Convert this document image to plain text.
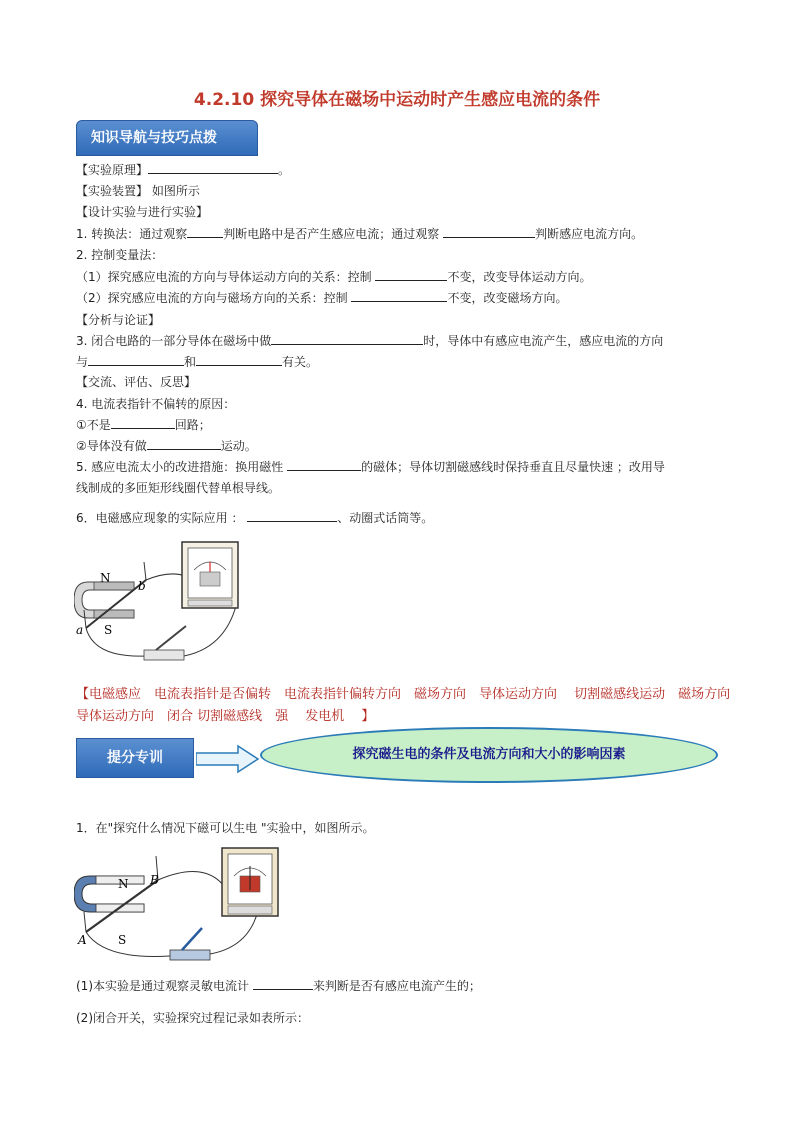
4.2.10 探究导体在磁场中运动时产生感应电流的条件
知识导航与技巧点拨
【实验原理】	。
【实验装置】 如图所示
【设计实验与进行实验】
1. 转换法：通过观察	判断电路中是否产生感应电流；通过观察	判断感应电流方向。
2. 控制变量法：
（1）探究感应电流的方向与导体运动方向的关系：控制	不变，改变导体运动方向。
（2）探究感应电流的方向与磁场方向的关系：控制	不变，改变磁场方向。
【分析与论证】
3. 闭合电路的一部分导体在磁场中做	时，导体中有感应电流产生，感应电流的方向
与	和	有关。
【交流、评估、反思】
4. 电流表指针不偏转的原因：
①不是	回路；
②导体没有做	运动。
5. 感应电流太小的改进措施：换用磁性	的磁体；导体切割磁感线时保持垂直且尽量快速 ；改用导
线制成的多匝矩形线圈代替单根导线。
6．电磁感应现象的实际应用 ：	、动圈式话筒等。
N
b
a S
【电磁感应　电流表指针是否偏转　电流表指针偏转方向　磁场方向　导体运动方向　 切割磁感线运动　磁场方向　 导体运动方向　闭合 切割磁感线　强　 发电机　 】
提分专训	探究磁生电的条件及电流方向和大小的影响因素
1．在"探究什么情况下磁可以生电 "实验中，如图所示。
N B
A	S
(1)本实验是通过观察灵敏电流计	来判断是否有感应电流产生的；
(2)闭合开关，实验探究过程记录如表所示：
